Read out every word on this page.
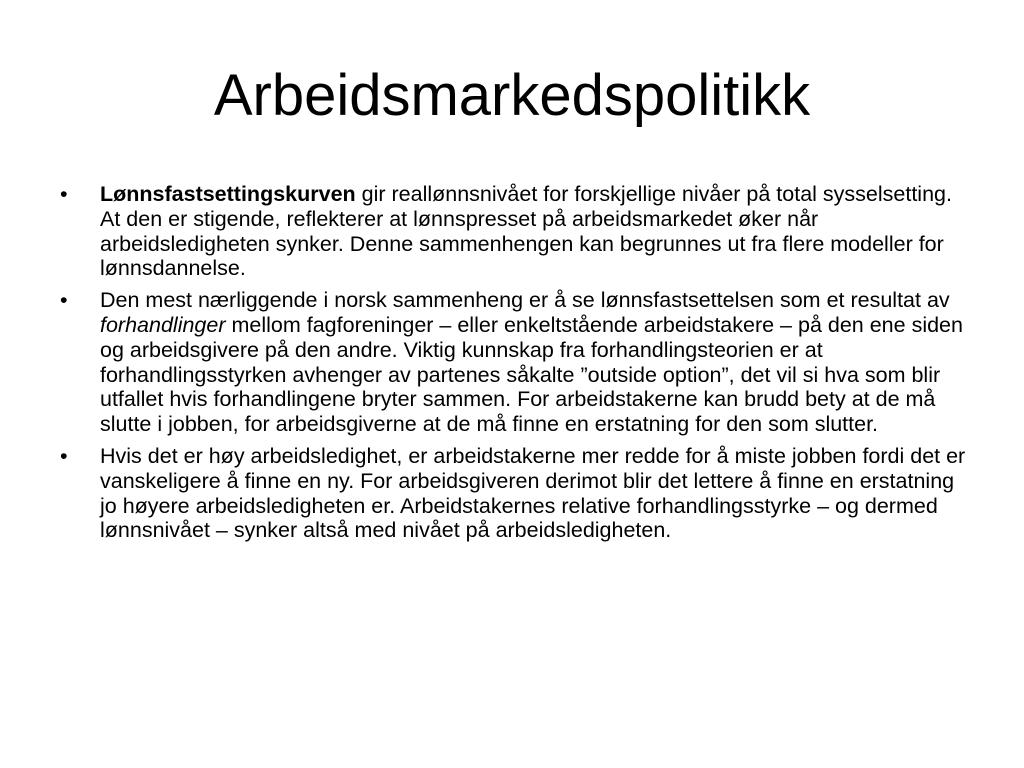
Arbeidsmarkedspolitikk
•	Lønnsfastsettingskurven gir reallønnsnivået for forskjellige nivåer på total sysselsetting. At den er stigende, reflekterer at lønnspresset på arbeidsmarkedet øker når arbeidsledigheten synker. Denne sammenhengen kan begrunnes ut fra flere modeller for lønnsdannelse.
•	Den mest nærliggende i norsk sammenheng er å se lønnsfastsettelsen som et resultat av forhandlinger mellom fagforeninger – eller enkeltstående arbeidstakere – på den ene siden og arbeidsgivere på den andre. Viktig kunnskap fra forhandlingsteorien er at forhandlingsstyrken avhenger av partenes såkalte ”outside option”, det vil si hva som blir utfallet hvis forhandlingene bryter sammen. For arbeidstakerne kan brudd bety at de må slutte i jobben, for arbeidsgiverne at de må finne en erstatning for den som slutter.
•	Hvis det er høy arbeidsledighet, er arbeidstakerne mer redde for å miste jobben fordi det er vanskeligere å finne en ny. For arbeidsgiveren derimot blir det lettere å finne en erstatning jo høyere arbeidsledigheten er. Arbeidstakernes relative forhandlingsstyrke – og dermed lønnsnivået – synker altså med nivået på arbeidsledigheten.
